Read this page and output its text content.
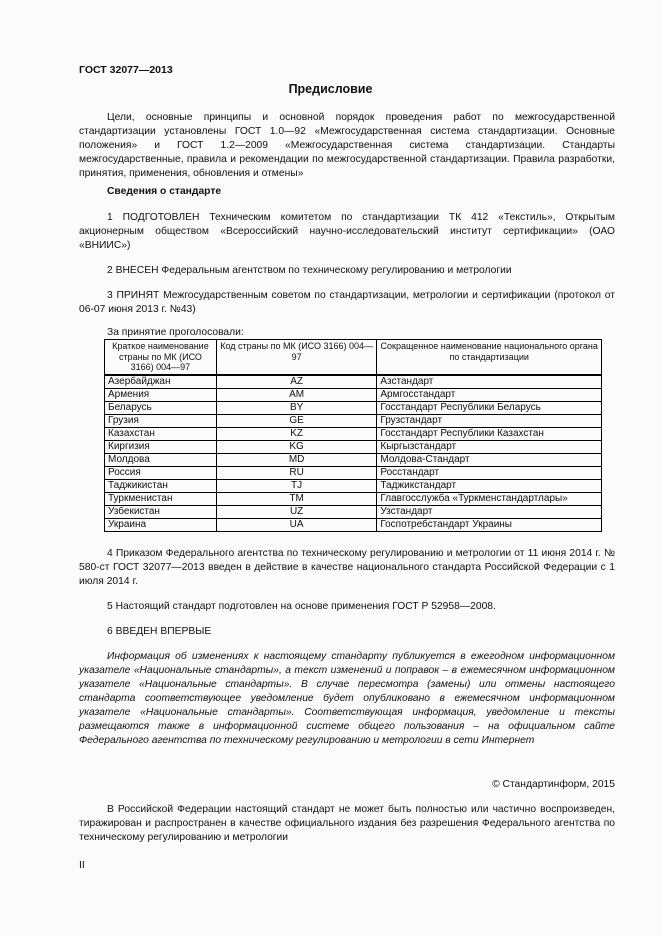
ГОСТ 32077—2013
Предисловие

Цели, основные принципы и основной порядок проведения работ по межгосударственной стандартизации установлены ГОСТ 1.0—92 «Межгосударственная система стандартизации. Основные положения» и ГОСТ 1.2—2009 «Межгосударственная система стандартизации. Стандарты межгосударственные, правила и рекомендации по межгосударственной стандартизации. Правила разработки, принятия, применения, обновления и отмены»

Сведения о стандарте

1 ПОДГОТОВЛЕН Техническим комитетом по стандартизации ТК 412 «Текстиль», Открытым акционерным обществом «Всероссийский научно-исследовательский институт сертификации» (ОАО «ВНИИС»)

2 ВНЕСЕН Федеральным агентством по техническому регулированию и метрологии

3 ПРИНЯТ Межгосударственным советом по стандартизации, метрологии и сертификации (протокол от 06-07 июня 2013 г. №43)

За принятие проголосовали:
Краткое наименование страны по МК (ИСО 3166) 004—97	Код страны по МК (ИСО 3166) 004—97	Сокращенное наименование национального органа по стандартизации
Азербайджан	AZ	Азстандарт
Армения	AM	Армгосстандарт
Беларусь	BY	Госстандарт Республики Беларусь
Грузия	GE	Грузстандарт
Казахстан	KZ	Госстандарт Республики Казахстан
Киргизия	KG	Кыргызстандарт
Молдова	MD	Молдова-Стандарт
Россия	RU	Росстандарт
Таджикистан	TJ	Таджикстандарт
Туркменистан	TM	Главгосслужба «Туркменстандартлары»
Узбекистан	UZ	Узстандарт
Украина	UA	Госпотребстандарт Украины

4 Приказом Федерального агентства по техническому регулированию и метрологии от 11 июня 2014 г. № 580-ст ГОСТ 32077—2013 введен в действие в качестве национального стандарта Российской Федерации с 1 июля 2014 г.

5 Настоящий стандарт подготовлен на основе применения ГОСТ Р 52958—2008.

6 ВВЕДЕН ВПЕРВЫЕ

Информация об изменениях к настоящему стандарту публикуется в ежегодном информационном указателе «Национальные стандарты», а текст изменений и поправок – в ежемесячном информационном указателе «Национальные стандарты». В случае пересмотра (замены) или отмены настоящего стандарта соответствующее уведомление будет опубликовано в ежемесячном информационном указателе «Национальные стандарты». Соответствующая информация, уведомление и тексты размещаются также в информационной системе общего пользования – на официальном сайте Федерального агентства по техническому регулированию и метрологии в сети Интернет

© Стандартинформ, 2015

В Российской Федерации настоящий стандарт не может быть полностью или частично воспроизведен, тиражирован и распространен в качестве официального издания без разрешения Федерального агентства по техническому регулированию и метрологии

II
